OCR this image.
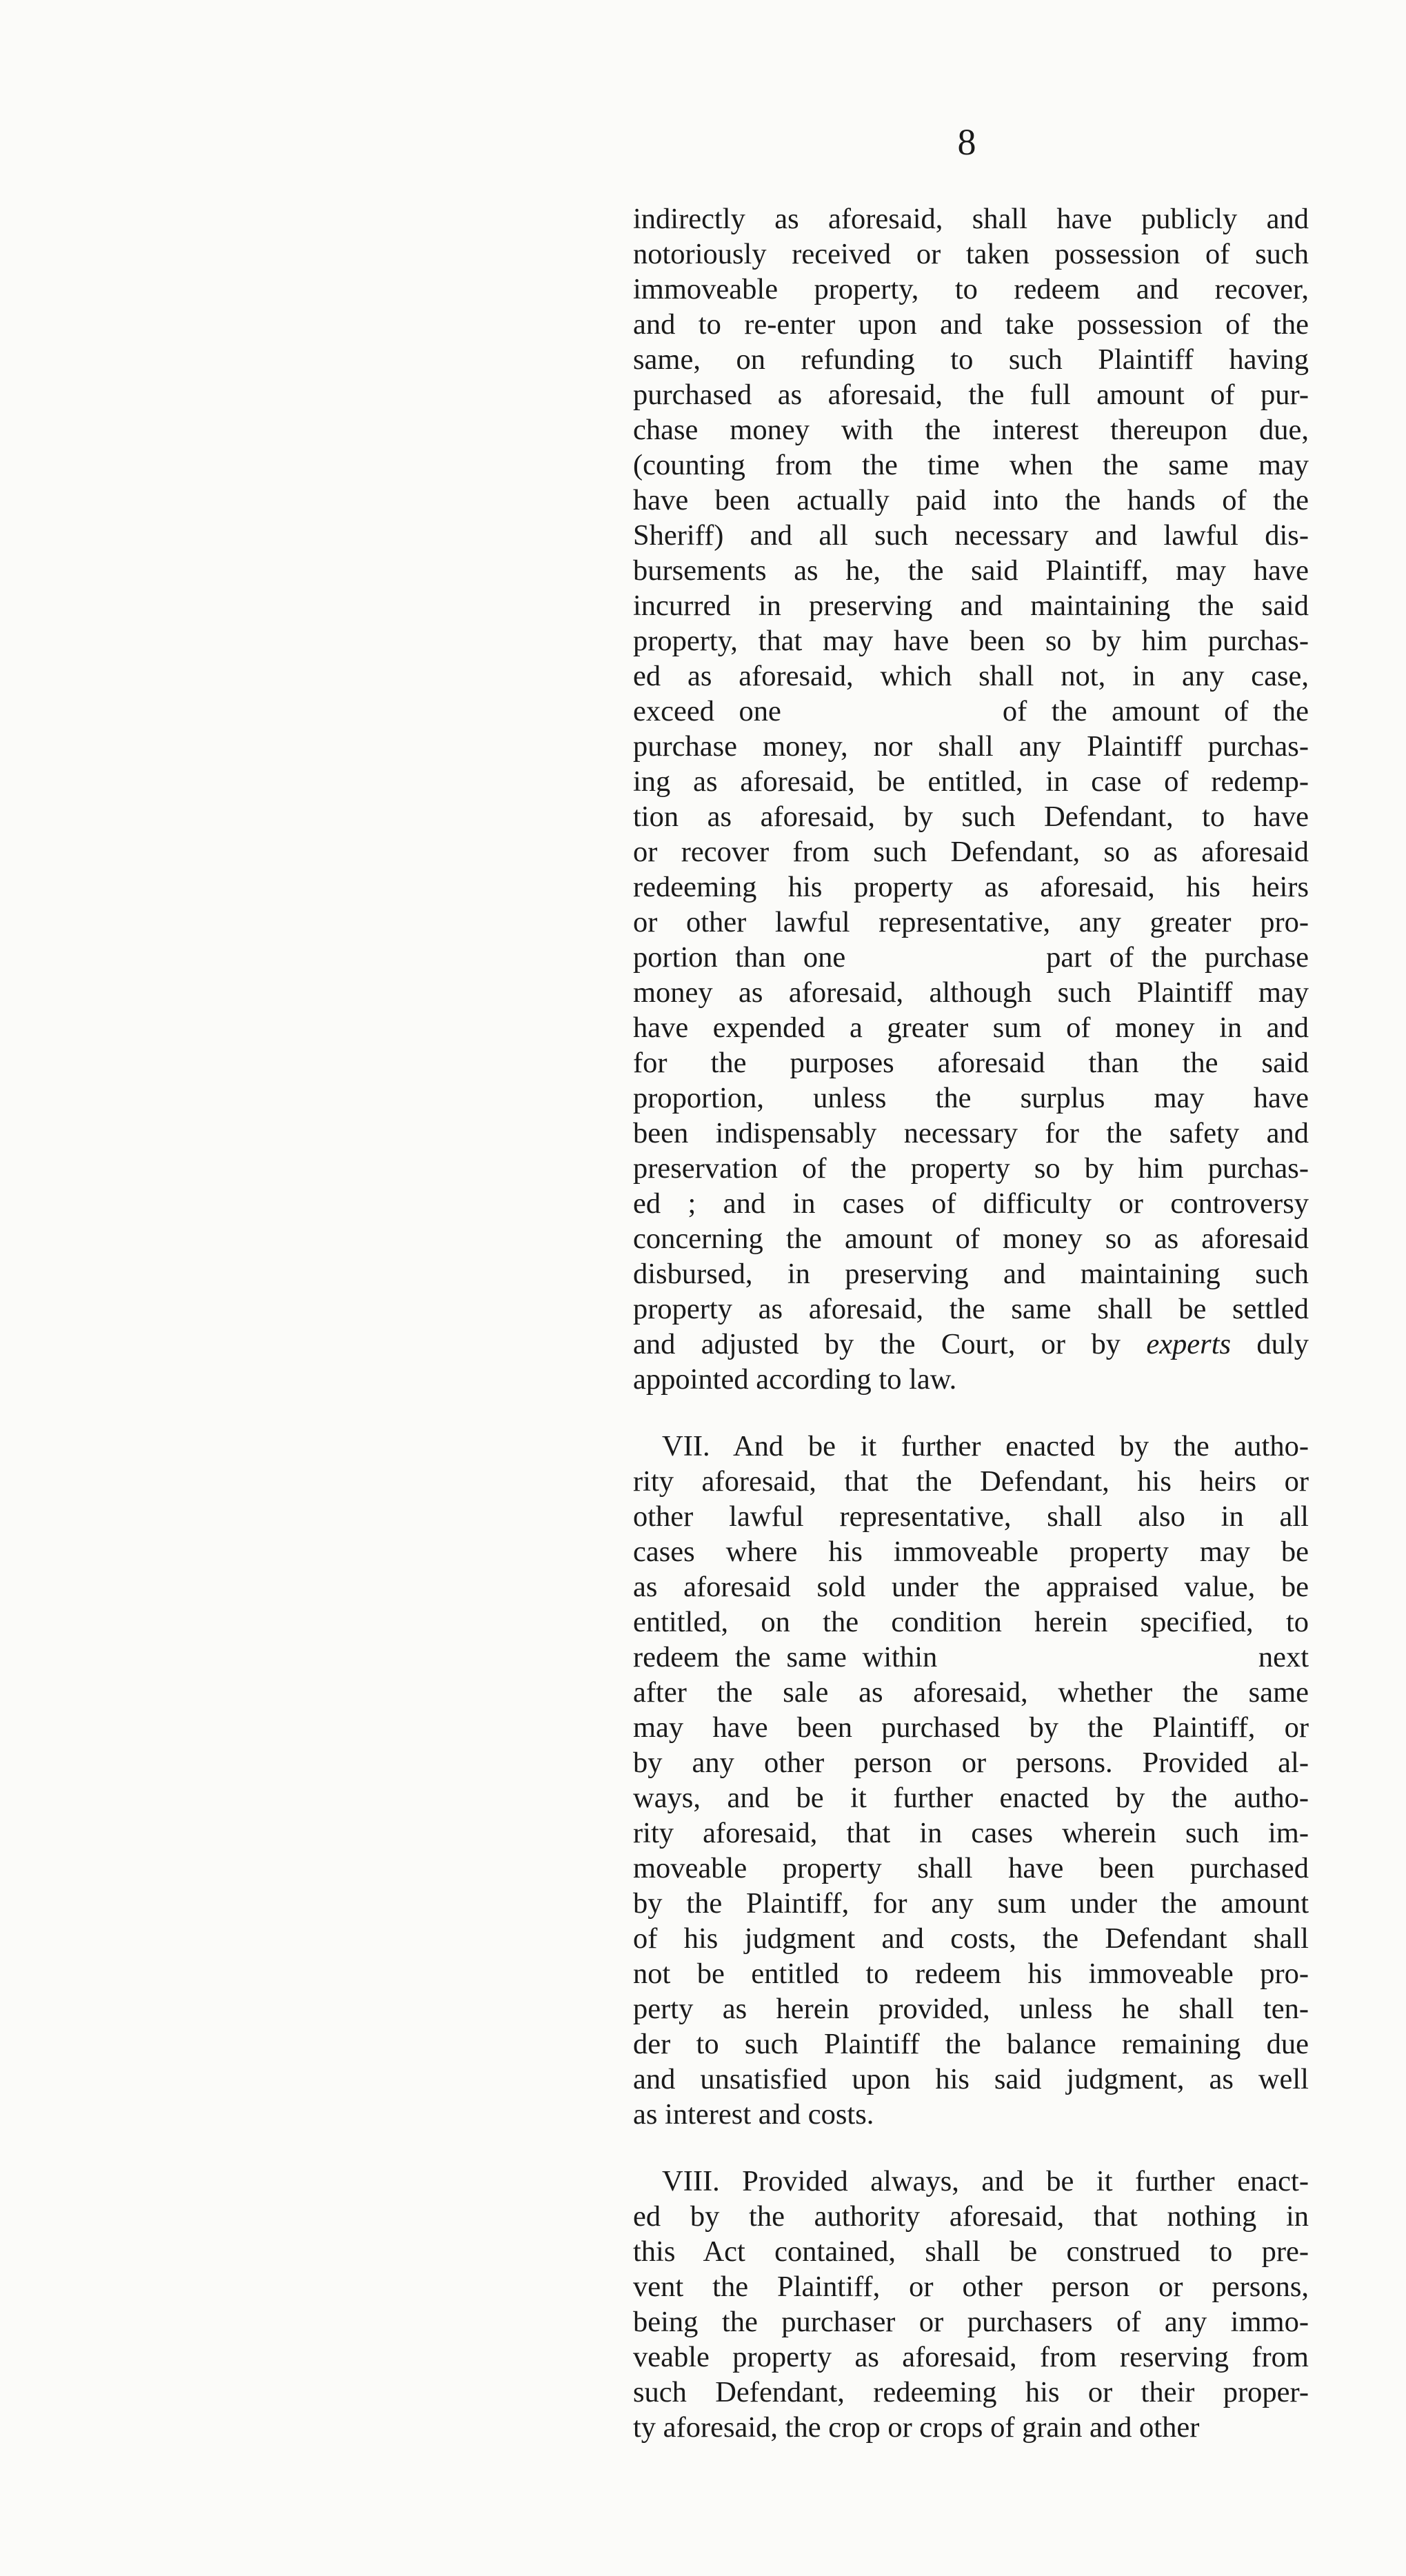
8
indirectly as aforesaid, shall have publicly and
notoriously received or taken possession of such
immoveable property, to redeem and recover,
and to re-enter upon and take possession of the
same, on refunding to such Plaintiff having
purchased as aforesaid, the full amount of pur-
chase money with the interest thereupon due,
(counting from the time when the same may
have been actually paid into the hands of the
Sheriff) and all such necessary and lawful dis-
bursements as he, the said Plaintiff, may have
incurred in preserving and maintaining the said
property, that may have been so by him purchas-
ed as aforesaid, which shall not, in any case,
exceed one	of the amount of the
purchase money, nor shall any Plaintiff purchas-
ing as aforesaid, be entitled, in case of redemp-
tion as aforesaid, by such Defendant, to have
or recover from such Defendant, so as aforesaid
redeeming his property as aforesaid, his heirs
or other lawful representative, any greater pro-
portion than one	part of the purchase
money as aforesaid, although such Plaintiff may
have expended a greater sum of money in and
for the purposes aforesaid than the said
proportion, unless the surplus may have
been indispensably necessary for the safety and
preservation of the property so by him purchas-
ed ; and in cases of difficulty or controversy
concerning the amount of money so as aforesaid
disbursed, in preserving and maintaining such
property as aforesaid, the same shall be settled
and adjusted by the Court, or by experts duly
appointed according to law.
VII. And be it further enacted by the autho-
rity aforesaid, that the Defendant, his heirs or
other lawful representative, shall also in all
cases where his immoveable property may be
as aforesaid sold under the appraised value, be
entitled, on the condition herein specified, to
redeem the same within	next
after the sale as aforesaid, whether the same
may have been purchased by the Plaintiff, or
by any other person or persons. Provided al-
ways, and be it further enacted by the autho-
rity aforesaid, that in cases wherein such im-
moveable property shall have been purchased
by the Plaintiff, for any sum under the amount
of his judgment and costs, the Defendant shall
not be entitled to redeem his immoveable pro-
perty as herein provided, unless he shall ten-
der to such Plaintiff the balance remaining due
and unsatisfied upon his said judgment, as well
as interest and costs.
VIII. Provided always, and be it further enact-
ed by the authority aforesaid, that nothing in
this Act contained, shall be construed to pre-
vent the Plaintiff, or other person or persons,
being the purchaser or purchasers of any immo-
veable property as aforesaid, from reserving from
such Defendant, redeeming his or their proper-
ty aforesaid, the crop or crops of grain and other
